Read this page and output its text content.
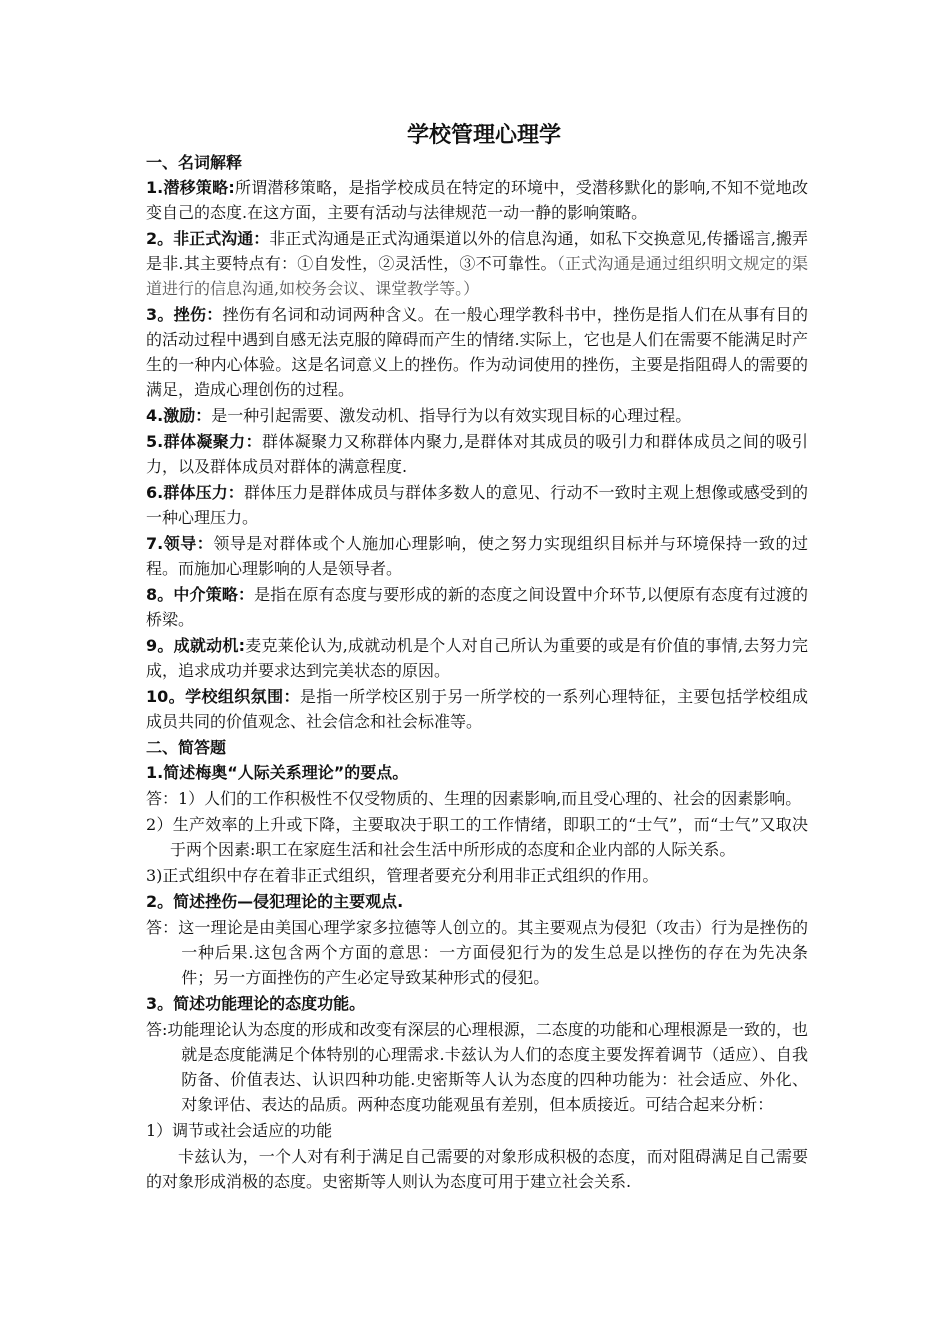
学校管理心理学
一、名词解释
1.潜移策略:所谓潜移策略，是指学校成员在特定的环境中，受潜移默化的影响,不知不觉地改变自己的态度.在这方面，主要有活动与法律规范一动一静的影响策略。
2。非正式沟通：非正式沟通是正式沟通渠道以外的信息沟通，如私下交换意见,传播谣言,搬弄是非.其主要特点有：①自发性，②灵活性，③不可靠性。（正式沟通是通过组织明文规定的渠道进行的信息沟通,如校务会议、课堂教学等。）
3。挫伤：挫伤有名词和动词两种含义。在一般心理学教科书中，挫伤是指人们在从事有目的的活动过程中遇到自感无法克服的障碍而产生的情绪.实际上，它也是人们在需要不能满足时产生的一种内心体验。这是名词意义上的挫伤。作为动词使用的挫伤，主要是指阻碍人的需要的满足，造成心理创伤的过程。
4.激励：是一种引起需要、激发动机、指导行为以有效实现目标的心理过程。
5.群体凝聚力：群体凝聚力又称群体内聚力,是群体对其成员的吸引力和群体成员之间的吸引力，以及群体成员对群体的满意程度.
6.群体压力：群体压力是群体成员与群体多数人的意见、行动不一致时主观上想像或感受到的一种心理压力。
7.领导：领导是对群体或个人施加心理影响，使之努力实现组织目标并与环境保持一致的过程。而施加心理影响的人是领导者。
8。中介策略：是指在原有态度与要形成的新的态度之间设置中介环节,以便原有态度有过渡的桥梁。
9。成就动机:麦克莱伦认为,成就动机是个人对自己所认为重要的或是有价值的事情,去努力完成，追求成功并要求达到完美状态的原因。
10。学校组织氛围：是指一所学校区别于另一所学校的一系列心理特征，主要包括学校组成成员共同的价值观念、社会信念和社会标准等。
二、简答题
1.简述梅奥“人际关系理论”的要点。
答：1）人们的工作积极性不仅受物质的、生理的因素影响,而且受心理的、社会的因素影响。
2）生产效率的上升或下降，主要取决于职工的工作情绪，即职工的“士气”，而“士气”又取决于两个因素:职工在家庭生活和社会生活中所形成的态度和企业内部的人际关系。
3)正式组织中存在着非正式组织，管理者要充分利用非正式组织的作用。
2。简述挫伤—侵犯理论的主要观点.
答：这一理论是由美国心理学家多拉德等人创立的。其主要观点为侵犯（攻击）行为是挫伤的一种后果.这包含两个方面的意思：一方面侵犯行为的发生总是以挫伤的存在为先决条件；另一方面挫伤的产生必定导致某种形式的侵犯。
3。简述功能理论的态度功能。
答:功能理论认为态度的形成和改变有深层的心理根源，二态度的功能和心理根源是一致的，也就是态度能满足个体特别的心理需求.卡兹认为人们的态度主要发挥着调节（适应）、自我防备、价值表达、认识四种功能.史密斯等人认为态度的四种功能为：社会适应、外化、对象评估、表达的品质。两种态度功能观虽有差别，但本质接近。可结合起来分析：
1）调节或社会适应的功能
卡兹认为，一个人对有利于满足自己需要的对象形成积极的态度，而对阻碍满足自己需要的对象形成消极的态度。史密斯等人则认为态度可用于建立社会关系.
